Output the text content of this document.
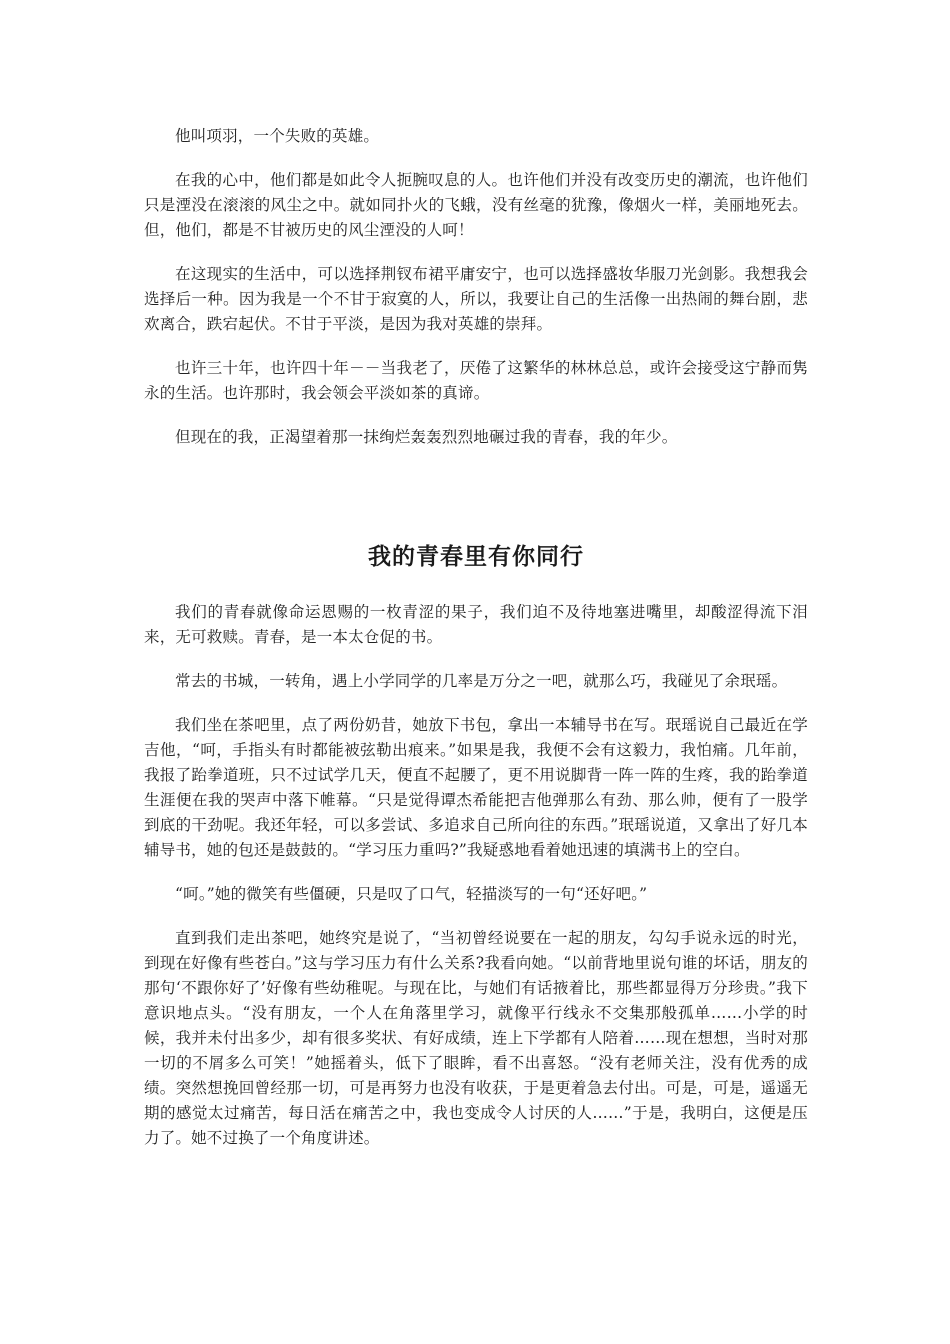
他叫项羽，一个失败的英雄。

在我的心中，他们都是如此令人扼腕叹息的人。也许他们并没有改变历史的潮流，也许他们只是湮没在滚滚的风尘之中。就如同扑火的飞蛾，没有丝毫的犹豫，像烟火一样，美丽地死去。但，他们，都是不甘被历史的风尘湮没的人呵！

在这现实的生活中，可以选择荆钗布裙平庸安宁，也可以选择盛妆华服刀光剑影。我想我会选择后一种。因为我是一个不甘于寂寞的人，所以，我要让自己的生活像一出热闹的舞台剧，悲欢离合，跌宕起伏。不甘于平淡，是因为我对英雄的崇拜。

也许三十年，也许四十年－－当我老了，厌倦了这繁华的林林总总，或许会接受这宁静而隽永的生活。也许那时，我会领会平淡如茶的真谛。

但现在的我，正渴望着那一抹绚烂轰轰烈烈地碾过我的青春，我的年少。

我的青春里有你同行

我们的青春就像命运恩赐的一枚青涩的果子，我们迫不及待地塞进嘴里，却酸涩得流下泪来，无可救赎。青春，是一本太仓促的书。

常去的书城，一转角，遇上小学同学的几率是万分之一吧，就那么巧，我碰见了余珉瑶。

我们坐在茶吧里，点了两份奶昔，她放下书包，拿出一本辅导书在写。珉瑶说自己最近在学吉他，“呵，手指头有时都能被弦勒出痕来。”如果是我，我便不会有这毅力，我怕痛。几年前，我报了跆拳道班，只不过试学几天，便直不起腰了，更不用说脚背一阵一阵的生疼，我的跆拳道生涯便在我的哭声中落下帷幕。“只是觉得谭杰希能把吉他弹那么有劲、那么帅，便有了一股学到底的干劲呢。我还年轻，可以多尝试、多追求自己所向往的东西。”珉瑶说道，又拿出了好几本辅导书，她的包还是鼓鼓的。“学习压力重吗?”我疑惑地看着她迅速的填满书上的空白。

“呵。”她的微笑有些僵硬，只是叹了口气，轻描淡写的一句“还好吧。”

直到我们走出茶吧，她终究是说了，“当初曾经说要在一起的朋友，勾勾手说永远的时光，到现在好像有些苍白。”这与学习压力有什么关系?我看向她。“以前背地里说句谁的坏话，朋友的那句‘不跟你好了’好像有些幼稚呢。与现在比，与她们有话掖着比，那些都显得万分珍贵。”我下意识地点头。“没有朋友，一个人在角落里学习，就像平行线永不交集那般孤单……小学的时候，我并未付出多少，却有很多奖状、有好成绩，连上下学都有人陪着……现在想想，当时对那一切的不屑多么可笑！”她摇着头，低下了眼眸，看不出喜怒。“没有老师关注，没有优秀的成绩。突然想挽回曾经那一切，可是再努力也没有收获，于是更着急去付出。可是，可是，遥遥无期的感觉太过痛苦，每日活在痛苦之中，我也变成令人讨厌的人……”于是，我明白，这便是压力了。她不过换了一个角度讲述。
